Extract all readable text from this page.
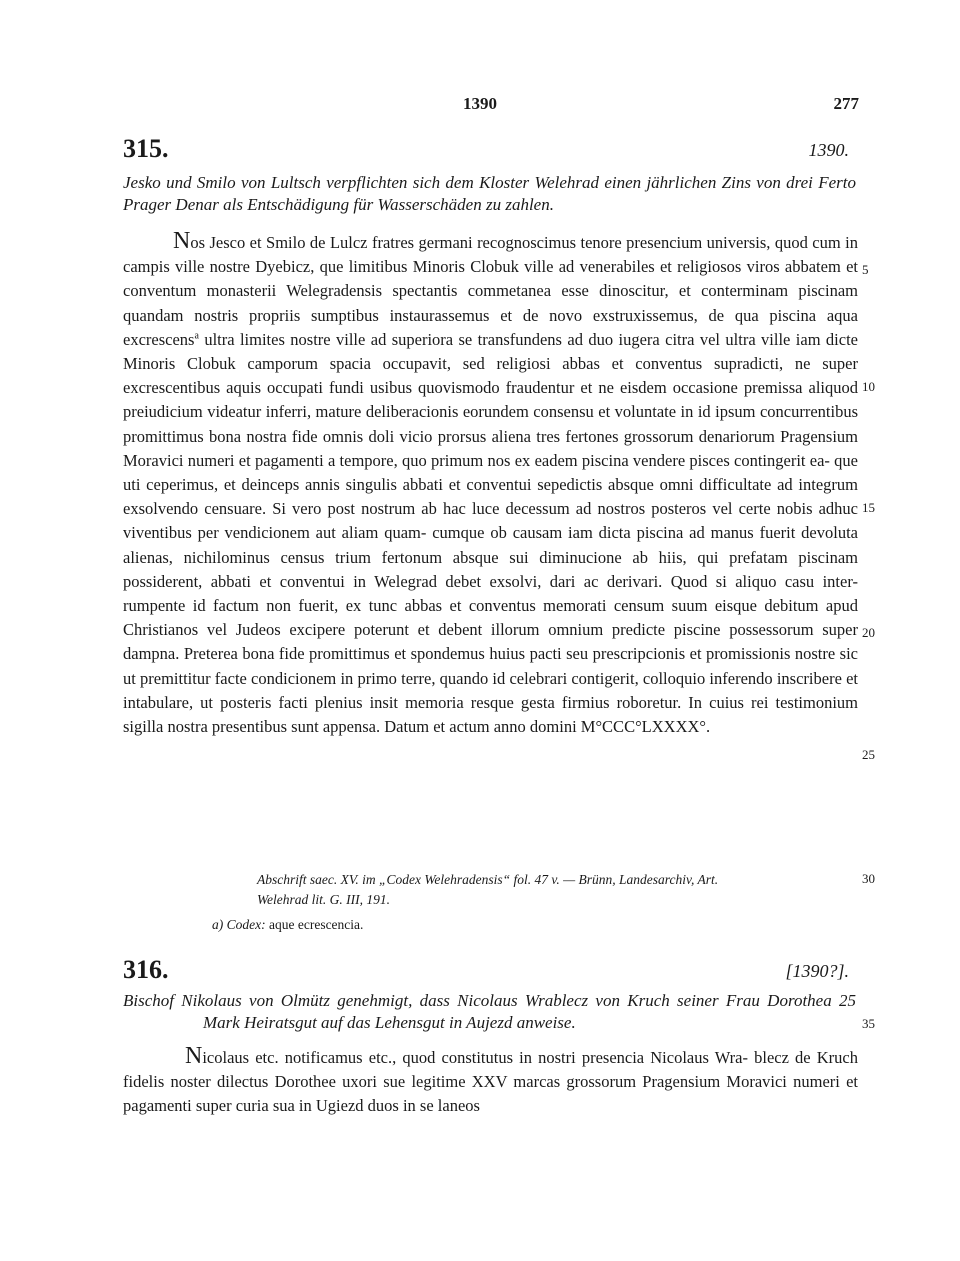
1390	277
315.	1390.
Jesko und Smilo von Lultsch verpflichten sich dem Kloster Welehrad einen jährlichen Zins von drei Ferto Prager Denar als Entschädigung für Wasserschäden zu zahlen.
Nos Jesco et Smilo de Lulcz fratres germani recognoscimus tenore presencium universis, quod cum in campis ville nostre Dyebicz, que limitibus Minoris Clobuk ville ad venerabiles et religiosos viros abbatem et conventum monasterii Welegradensis spectantis commetanea esse dinoscitur, et conterminam piscinam quandam nostris propriis sumptibus instaurassemus et de novo exstruxissemus, de qua piscina aqua excrescens$^a$ ultra limites nostre ville ad superiora se transfundens ad duo iugera citra vel ultra ville iam dicte Minoris Clobuk camporum spacia occupavit, sed religiosi abbas et conventus supradicti, ne super excrescentibus aquis occupati fundi usibus quovismodo fraudentur et ne eisdem occasione premissa aliquod preiudicium videatur inferri, mature deliberacionis eorundem consensu et voluntate in id ipsum concurrentibus promittimus bona nostra fide omnis doli vicio prorsus aliena tres fertones grossorum denariorum Pragensium Moravici numeri et pagamenti a tempore, quo primum nos ex eadem piscina vendere pisces contingerit ea- que uti ceperimus, et deinceps annis singulis abbati et conventui sepedictis absque omni difficultate ad integrum exsolvendo censuare. Si vero post nostrum ab hac luce decessum ad nostros posteros vel certe nobis adhuc viventibus per vendicionem aut aliam quam- cumque ob causam iam dicta piscina ad manus fuerit devoluta alienas, nichilominus census trium fertonum absque sui diminucione ab hiis, qui prefatam piscinam possiderent, abbati et conventui in Welegrad debet exsolvi, dari ac derivari. Quod si aliquo casu inter- rumpente id factum non fuerit, ex tunc abbas et conventus memorati censum suum eisque debitum apud Christianos vel Judeos excipere poterunt et debent illorum omnium predicte piscine possessorum super dampna. Preterea bona fide promittimus et spondemus huius pacti seu prescripcionis et promissionis nostre sic ut premittitur facte condicionem in primo terre, quando id celebrari contigerit, colloquio inferendo inscribere et intabulare, ut posteris facti plenius insit memoria resque gesta firmius roboretur. In cuius rei testimonium sigilla nostra presentibus sunt appensa. Datum et actum anno domini M°CCC°LXXXX°.
5
10
15
20
25
30
35
Abschrift saec. XV. im „Codex Welehradensis“ fol. 47 v. — Brünn, Landesarchiv, Art.
Welehrad lit. G. III, 191.
a) Codex: aque ecrescencia.
316.	[1390?].
Bischof Nikolaus von Olmütz genehmigt, dass Nicolaus Wrablecz von Kruch seiner Frau Dorothea 25 Mark Heiratsgut auf das Lehensgut in Aujezd anweise.
Nicolaus etc. notificamus etc., quod constitutus in nostri presencia Nicolaus Wra- blecz de Kruch fidelis noster dilectus Dorothee uxori sue legitime XXV marcas grossorum Pragensium Moravici numeri et pagamenti super curia sua in Ugiezd duos in se laneos
